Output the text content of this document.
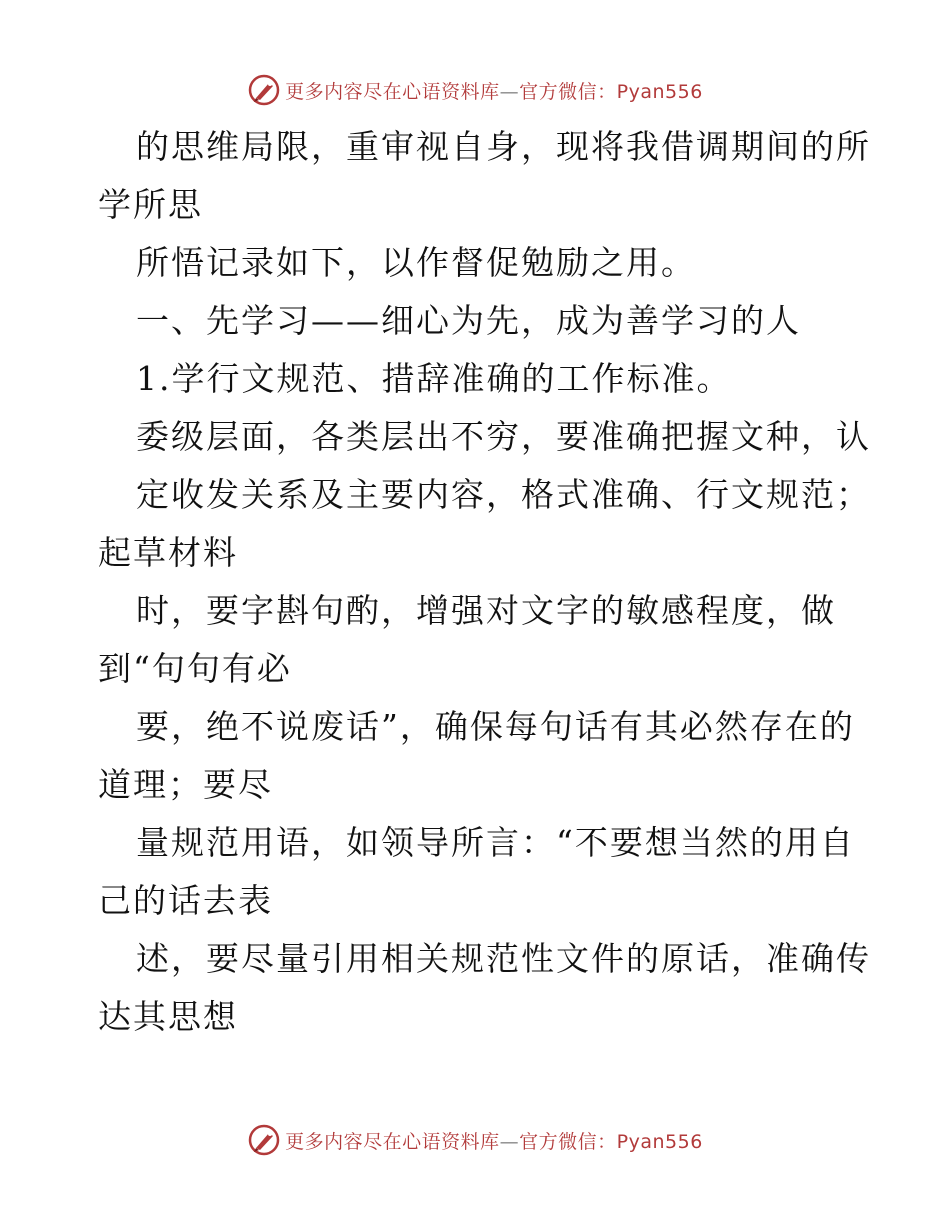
更多内容尽在心语资料库—官方微信：Pyan556
的思维局限，重审视自身，现将我借调期间的所
学所思
所悟记录如下，以作督促勉励之用。
一、先学习——细心为先，成为善学习的人
1.学行文规范、措辞准确的工作标准。
委级层面，各类层出不穷，要准确把握文种，认
定收发关系及主要内容，格式准确、行文规范；
起草材料
时，要字斟句酌，增强对文字的敏感程度，做
到“句句有必
要，绝不说废话”，确保每句话有其必然存在的
道理；要尽
量规范用语，如领导所言：“不要想当然的用自
己的话去表
述，要尽量引用相关规范性文件的原话，准确传
达其思想
更多内容尽在心语资料库—官方微信：Pyan556
